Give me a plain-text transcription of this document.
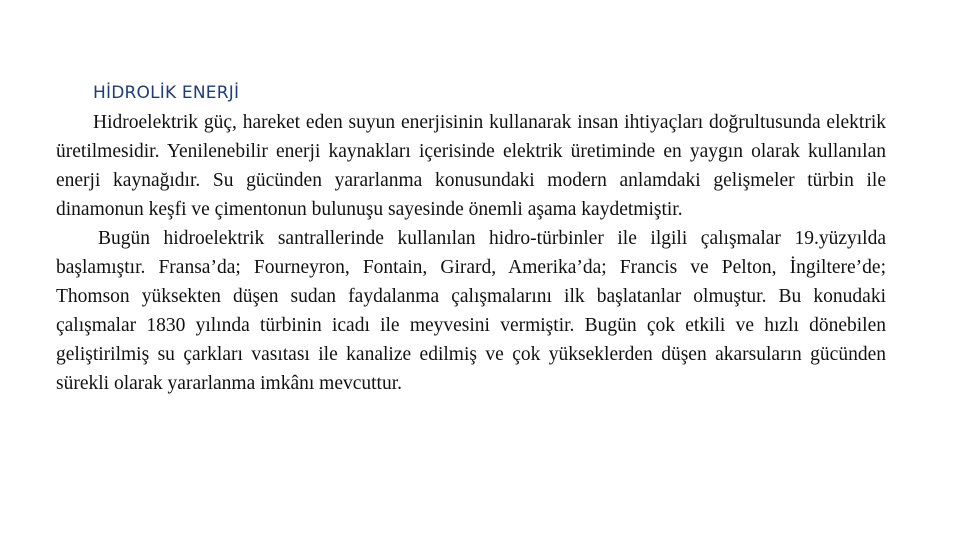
HİDROLİK ENERJİ

Hidroelektrik güç, hareket eden suyun enerjisinin kullanarak insan ihtiyaçları doğrultusunda elektrik üretilmesidir. Yenilenebilir enerji kaynakları içerisinde elektrik üretiminde en yaygın olarak kullanılan enerji kaynağıdır. Su gücünden yararlanma konusundaki modern anlamdaki gelişmeler türbin ile dinamonun keşfi ve çimentonun bulunuşu sayesinde önemli aşama kaydetmiştir.

Bugün hidroelektrik santrallerinde kullanılan hidro-türbinler ile ilgili çalışmalar 19.yüzyılda başlamıştır. Fransa’da; Fourneyron, Fontain, Girard, Amerika’da; Francis ve Pelton, İngiltere’de; Thomson yüksekten düşen sudan faydalanma çalışmalarını ilk başlatanlar olmuştur. Bu konudaki çalışmalar 1830 yılında türbinin icadı ile meyvesini vermiştir. Bugün çok etkili ve hızlı dönebilen geliştirilmiş su çarkları vasıtası ile kanalize edilmiş ve çok yükseklerden düşen akarsuların gücünden sürekli olarak yararlanma imkânı mevcuttur.
